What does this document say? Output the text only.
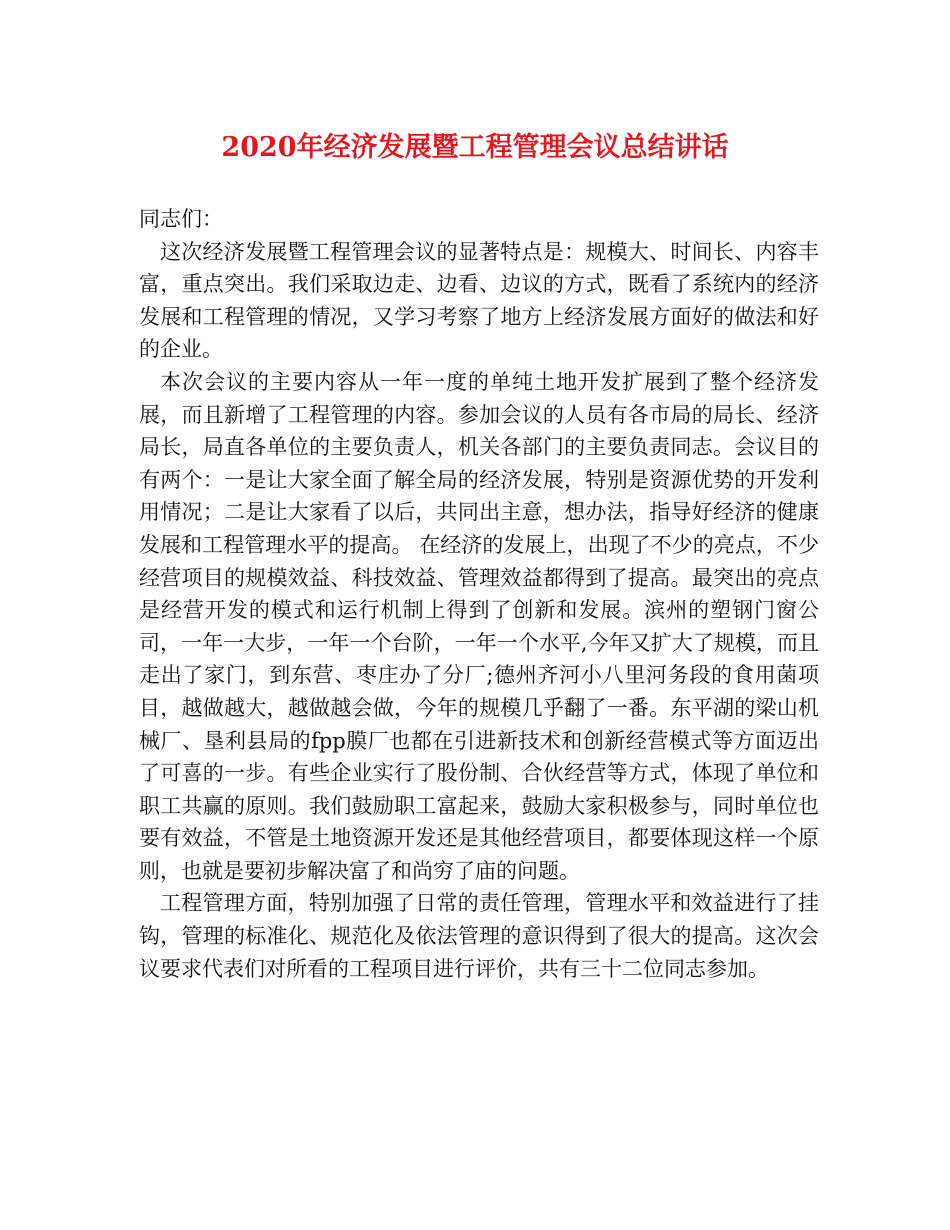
2020年经济发展暨工程管理会议总结讲话

同志们：

这次经济发展暨工程管理会议的显著特点是：规模大、时间长、内容丰富，重点突出。我们采取边走、边看、边议的方式，既看了系统内的经济发展和工程管理的情况，又学习考察了地方上经济发展方面好的做法和好的企业。

本次会议的主要内容从一年一度的单纯土地开发扩展到了整个经济发展，而且新增了工程管理的内容。参加会议的人员有各市局的局长、经济局长，局直各单位的主要负责人，机关各部门的主要负责同志。会议目的有两个：一是让大家全面了解全局的经济发展，特别是资源优势的开发利用情况；二是让大家看了以后，共同出主意，想办法，指导好经济的健康发展和工程管理水平的提高。 在经济的发展上，出现了不少的亮点，不少经营项目的规模效益、科技效益、管理效益都得到了提高。最突出的亮点是经营开发的模式和运行机制上得到了创新和发展。滨州的塑钢门窗公司，一年一大步，一年一个台阶，一年一个水平,今年又扩大了规模，而且走出了家门，到东营、枣庄办了分厂;德州齐河小八里河务段的食用菌项目，越做越大，越做越会做，今年的规模几乎翻了一番。东平湖的梁山机械厂、垦利县局的fpp膜厂也都在引进新技术和创新经营模式等方面迈出了可喜的一步。有些企业实行了股份制、合伙经营等方式，体现了单位和职工共赢的原则。我们鼓励职工富起来，鼓励大家积极参与，同时单位也要有效益，不管是土地资源开发还是其他经营项目，都要体现这样一个原则，也就是要初步解决富了和尚穷了庙的问题。

工程管理方面，特别加强了日常的责任管理，管理水平和效益进行了挂钩，管理的标准化、规范化及依法管理的意识得到了很大的提高。这次会议要求代表们对所看的工程项目进行评价，共有三十二位同志参加。
